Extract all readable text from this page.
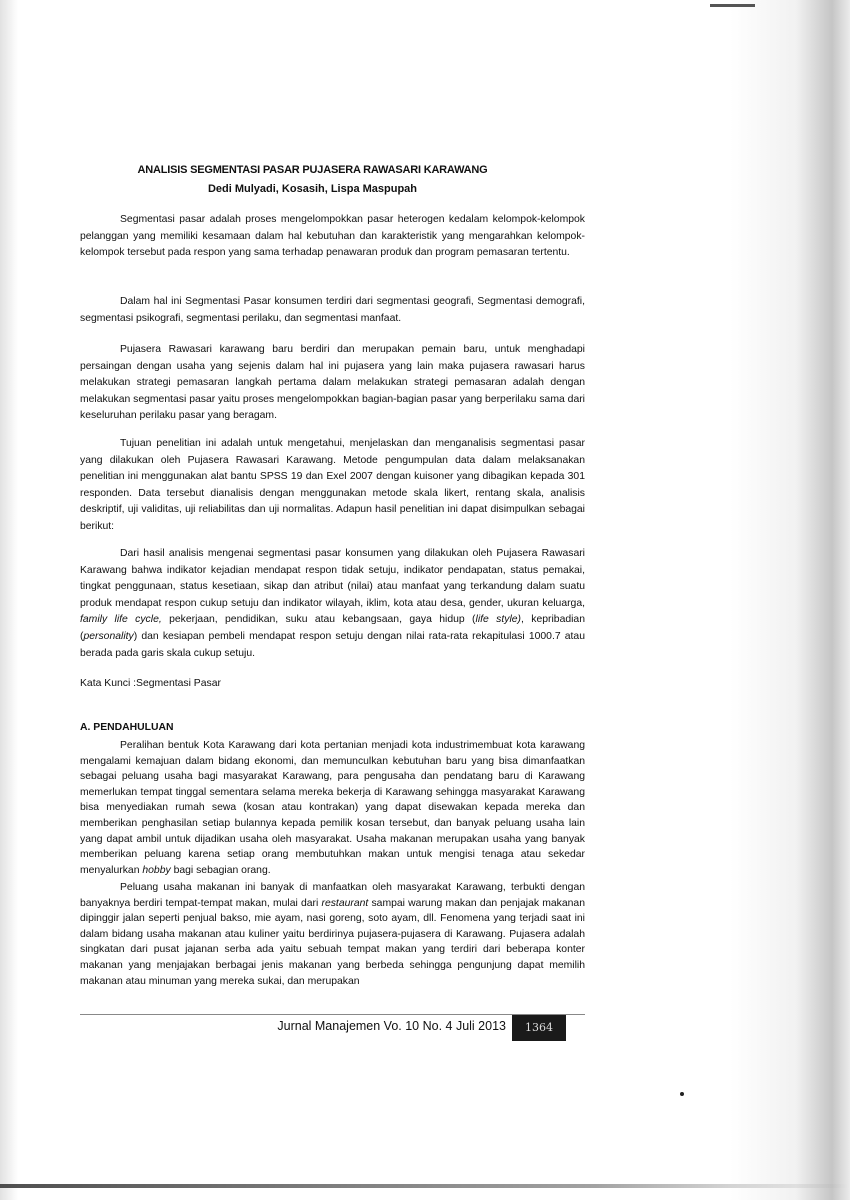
ANALISIS SEGMENTASI PASAR PUJASERA RAWASARI KARAWANG
Dedi Mulyadi, Kosasih, Lispa Maspupah

Segmentasi pasar adalah proses mengelompokkan pasar heterogen kedalam kelompok-kelompok pelanggan yang memiliki kesamaan dalam hal kebutuhan dan karakteristik yang mengarahkan kelompok-kelompok tersebut pada respon yang sama terhadap penawaran produk dan program pemasaran tertentu.

Dalam hal ini Segmentasi Pasar konsumen terdiri dari segmentasi geografi, Segmentasi demografi, segmentasi psikografi, segmentasi perilaku, dan segmentasi manfaat.

Pujasera Rawasari karawang baru berdiri dan merupakan pemain baru, untuk menghadapi persaingan dengan usaha yang sejenis dalam hal ini pujasera yang lain maka pujasera rawasari harus melakukan strategi pemasaran langkah pertama dalam melakukan strategi pemasaran adalah dengan melakukan segmentasi pasar yaitu proses mengelompokkan bagian-bagian pasar yang berperilaku sama dari keseluruhan perilaku pasar yang beragam.

Tujuan penelitian ini adalah untuk mengetahui, menjelaskan dan menganalisis segmentasi pasar yang dilakukan oleh Pujasera Rawasari Karawang. Metode pengumpulan data dalam melaksanakan penelitian ini menggunakan alat bantu SPSS 19 dan Exel 2007 dengan kuisoner yang dibagikan kepada 301 responden. Data tersebut dianalisis dengan menggunakan metode skala likert, rentang skala, analisis deskriptif, uji validitas, uji reliabilitas dan uji normalitas. Adapun hasil penelitian ini dapat disimpulkan sebagai berikut:

Dari hasil analisis mengenai segmentasi pasar konsumen yang dilakukan oleh Pujasera Rawasari Karawang bahwa indikator kejadian mendapat respon tidak setuju, indikator pendapatan, status pemakai, tingkat penggunaan, status kesetiaan, sikap dan atribut (nilai) atau manfaat yang terkandung dalam suatu produk mendapat respon cukup setuju dan indikator wilayah, iklim, kota atau desa, gender, ukuran keluarga, family life cycle, pekerjaan, pendidikan, suku atau kebangsaan, gaya hidup (life style), kepribadian (personality) dan kesiapan pembeli mendapat respon setuju dengan nilai rata-rata rekapitulasi 1000.7 atau berada pada garis skala cukup setuju.

Kata Kunci :Segmentasi Pasar
A. PENDAHULUAN

Peralihan bentuk Kota Karawang dari kota pertanian menjadi kota industrimembuat kota karawang mengalami kemajuan dalam bidang ekonomi, dan memunculkan kebutuhan baru yang bisa dimanfaatkan sebagai peluang usaha bagi masyarakat Karawang, para pengusaha dan pendatang baru di Karawang memerlukan tempat tinggal sementara selama mereka bekerja di Karawang sehingga masyarakat Karawang bisa menyediakan rumah sewa (kosan atau kontrakan) yang dapat disewakan kepada mereka dan memberikan penghasilan setiap bulannya kepada pemilik kosan tersebut, dan banyak peluang usaha lain yang dapat ambil untuk dijadikan usaha oleh masyarakat. Usaha makanan merupakan usaha yang banyak memberikan peluang karena setiap orang membutuhkan makan untuk mengisi tenaga atau sekedar menyalurkan hobby bagi sebagian orang.

Peluang usaha makanan ini banyak di manfaatkan oleh masyarakat Karawang, terbukti dengan banyaknya berdiri tempat-tempat makan, mulai dari restaurant sampai warung makan dan penjajak makanan dipinggir jalan seperti penjual bakso, mie ayam, nasi goreng, soto ayam, dll. Fenomena yang terjadi saat ini dalam bidang usaha makanan atau kuliner yaitu berdirinya pujasera-pujasera di Karawang. Pujasera adalah singkatan dari pusat jajanan serba ada yaitu sebuah tempat makan yang terdiri dari beberapa konter makanan yang menjajakan berbagai jenis makanan yang berbeda sehingga pengunjung dapat memilih makanan atau minuman yang mereka sukai, dan merupakan

Jurnal Manajemen Vo. 10 No. 4 Juli 2013	1364
